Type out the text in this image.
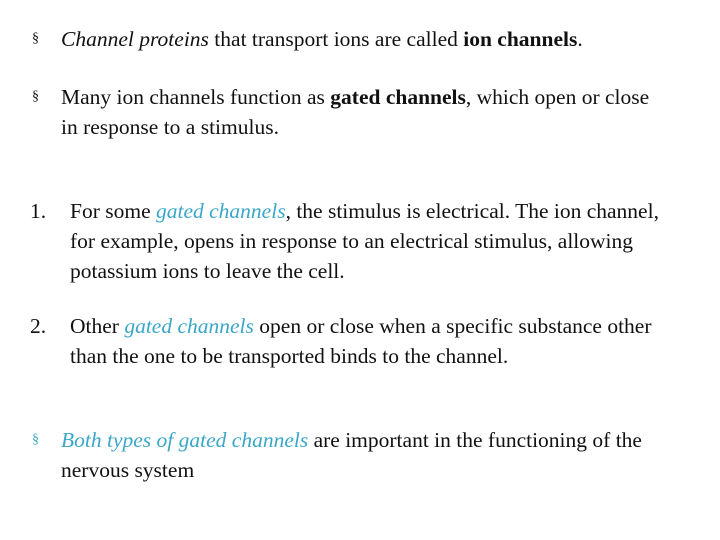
§ Channel proteins that transport ions are called ion channels.
§ Many ion channels function as gated channels, which open or close in response to a stimulus.
1. For some gated channels, the stimulus is electrical. The ion channel, for example, opens in response to an electrical stimulus, allowing potassium ions to leave the cell.
2. Other gated channels open or close when a specific substance other than the one to be transported binds to the channel.
§ Both types of gated channels are important in the functioning of the nervous system
